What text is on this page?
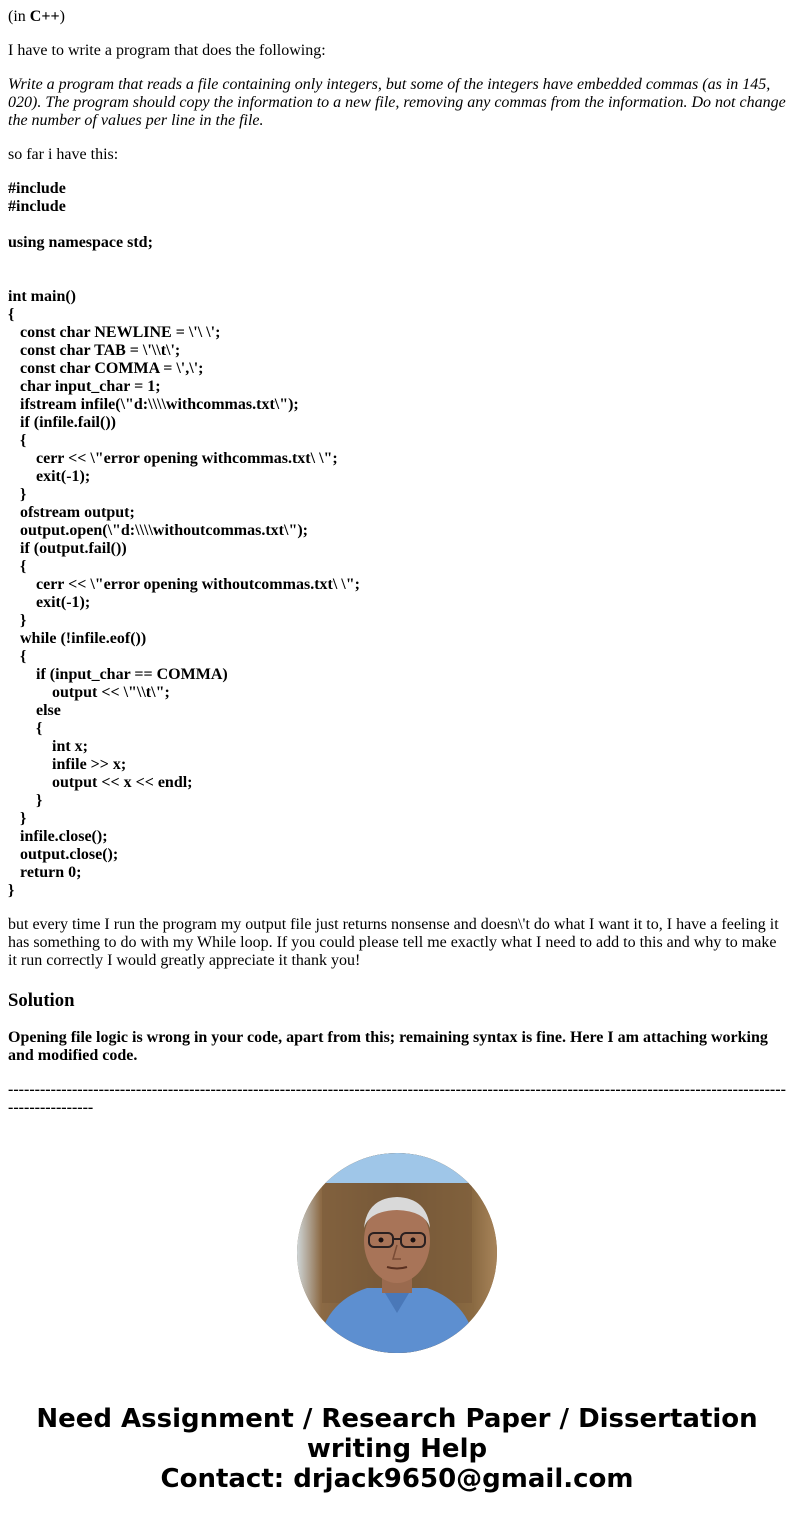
(in C++)

I have to write a program that does the following:

Write a program that reads a file containing only integers, but some of the integers have embedded commas (as in 145, 020). The program should copy the information to a new file, removing any commas from the information. Do not change the number of values per line in the file.

so far i have this:

#include
#include
using namespace std;
int main()
{
const char NEWLINE = \'\ \';
const char TAB = \'\\t\';
const char COMMA = \',\';
char input_char = 1;
ifstream infile(\"d:\\\\withcommas.txt\");
if (infile.fail())
{
cerr << \"error opening withcommas.txt\ \";
exit(-1);
}
ofstream output;
output.open(\"d:\\\\withoutcommas.txt\");
if (output.fail())
{
cerr << \"error opening withoutcommas.txt\ \";
exit(-1);
}
while (!infile.eof())
{
if (input_char == COMMA)
output << \"\\t\";
else
{
int x;
infile >> x;
output << x << endl;
}
}
infile.close();
output.close();
return 0;
}

but every time I run the program my output file just returns nonsense and doesn\'t do what I want it to, I have a feeling it has something to do with my While loop. If you could please tell me exactly what I need to add to this and why to make it run correctly I would greatly appreciate it thank you!

Solution

Opening file logic is wrong in your code, apart from this; remaining syntax is fine. Here I am attaching working and modified code.

------------------------------------------------------------------------------------------------------------------------------------------------------------------
Need Assignment / Research Paper / Dissertation
writing Help
Contact: drjack9650@gmail.com
